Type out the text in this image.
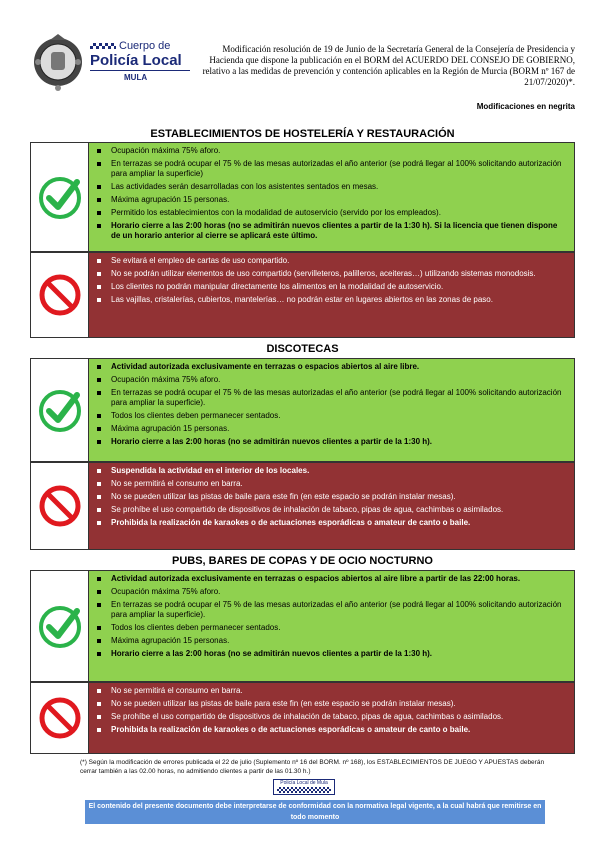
Cuerpo de
Policía Local
MULA
Modificación resolución de 19 de Junio de la Secretaría General de la Consejería de Presidencia y Hacienda que dispone la publicación en el BORM del ACUERDO DEL CONSEJO DE GOBIERNO, relativo a las medidas de prevención y contención aplicables en la Región de Murcia (BORM nº 167 de 21/07/2020)*.
Modificaciones en negrita
ESTABLECIMIENTOS DE HOSTELERÍA Y RESTAURACIÓN
Ocupación máxima 75% aforo.
En terrazas se podrá ocupar el 75 % de las mesas autorizadas el año anterior (se podrá llegar al 100% solicitando autorización para ampliar la superficie)
Las actividades serán desarrolladas con los asistentes sentados en mesas.
Máxima agrupación 15 personas.
Permitido los establecimientos con la modalidad de autoservicio (servido por los empleados).
Horario cierre a las 2:00 horas (no se admitirán nuevos clientes a partir de la 1:30 h). Si la licencia que tienen dispone de un horario anterior al cierre se aplicará este último.
Se evitará el empleo de cartas de uso compartido.
No se podrán utilizar elementos de uso compartido (servilleteros, palilleros, aceiteras…) utilizando sistemas monodosis.
Los clientes no podrán manipular directamente los alimentos en la modalidad de autoservicio.
Las vajillas, cristalerías, cubiertos, mantelerías… no podrán estar en lugares abiertos en las zonas de paso.
DISCOTECAS
Actividad autorizada exclusivamente en terrazas o espacios abiertos al aire libre.
Ocupación máxima 75% aforo.
En terrazas se podrá ocupar el 75 % de las mesas autorizadas el año anterior (se podrá llegar al 100% solicitando autorización para ampliar la superficie).
Todos los clientes deben permanecer sentados.
Máxima agrupación 15 personas.
Horario cierre a las 2:00 horas (no se admitirán nuevos clientes a partir de la 1:30 h).
Suspendida la actividad en el interior de los locales.
No se permitirá el consumo en barra.
No se pueden utilizar las pistas de baile para este fin (en este espacio se podrán instalar mesas).
Se prohíbe el uso compartido de dispositivos de inhalación de tabaco, pipas de agua, cachimbas o asimilados.
Prohibida la realización de karaokes o de actuaciones esporádicas o amateur de canto o baile.
PUBS, BARES DE COPAS Y DE OCIO NOCTURNO
Actividad autorizada exclusivamente en terrazas o espacios abiertos al aire libre a partir de las 22:00 horas.
Ocupación máxima 75% aforo.
En terrazas se podrá ocupar el 75 % de las mesas autorizadas el año anterior (se podrá llegar al 100% solicitando autorización para ampliar la superficie).
Todos los clientes deben permanecer sentados.
Máxima agrupación 15 personas.
Horario cierre a las 2:00 horas (no se admitirán nuevos clientes a partir de la 1:30 h).
No se permitirá el consumo en barra.
No se pueden utilizar las pistas de baile para este fin (en este espacio se podrán instalar mesas).
Se prohíbe el uso compartido de dispositivos de inhalación de tabaco, pipas de agua, cachimbas o asimilados.
Prohibida la realización de karaokes o de actuaciones esporádicas o amateur de canto o baile.
(*) Según la modificación de errores publicada el 22 de julio (Suplemento nº 16 del BORM. nº 168), los ESTABLECIMIENTOS DE JUEGO Y APUESTAS deberán cerrar también a las 02.00 horas, no admitiendo clientes a partir de las 01.30 h.)
Policía Local de Mula
El contenido del presente documento debe interpretarse de conformidad con la normativa legal vigente, a la cual habrá que remitirse en todo momento
